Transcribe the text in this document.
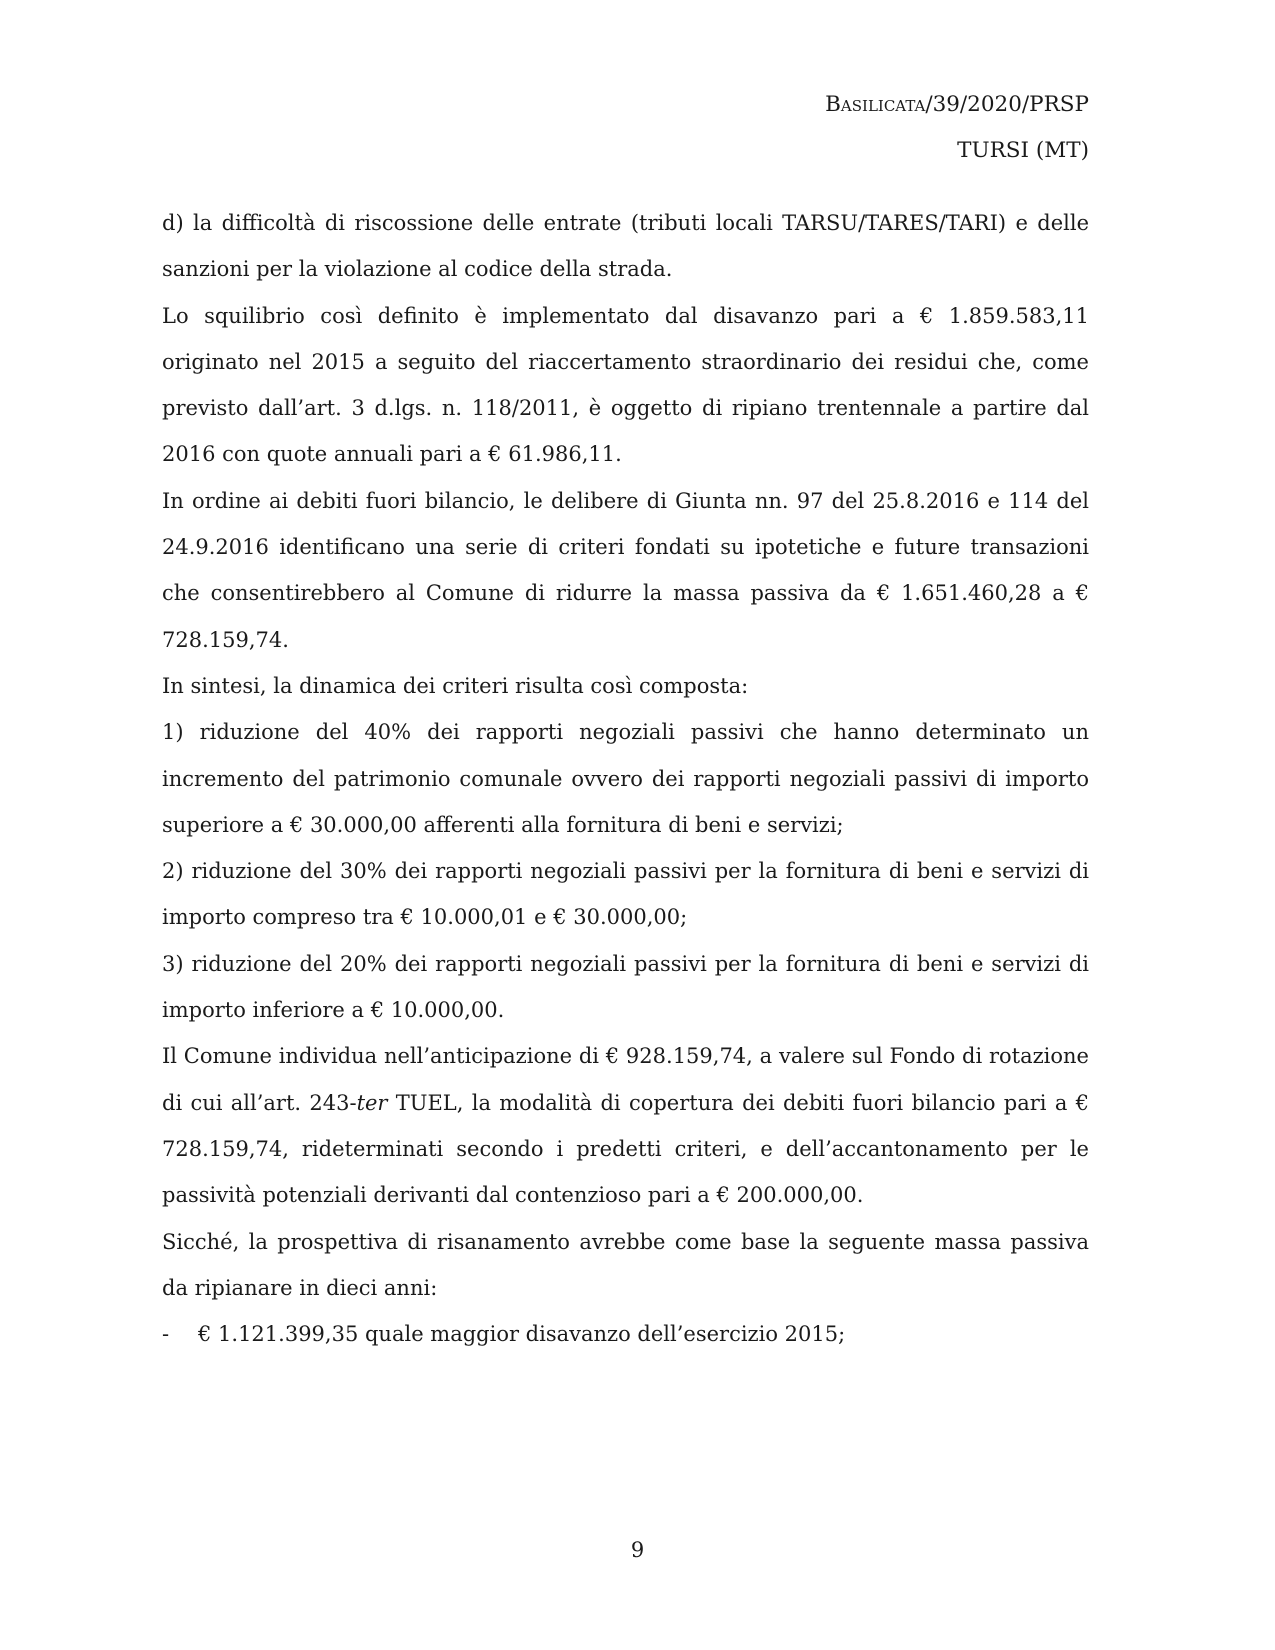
Basilicata/39/2020/PRSP
TURSI (MT)

d) la difficoltà di riscossione delle entrate (tributi locali TARSU/TARES/TARI) e delle sanzioni per la violazione al codice della strada.

Lo squilibrio così definito è implementato dal disavanzo pari a € 1.859.583,11 originato nel 2015 a seguito del riaccertamento straordinario dei residui che, come previsto dall’art. 3 d.lgs. n. 118/2011, è oggetto di ripiano trentennale a partire dal 2016 con quote annuali pari a € 61.986,11.

In ordine ai debiti fuori bilancio, le delibere di Giunta nn. 97 del 25.8.2016 e 114 del 24.9.2016 identificano una serie di criteri fondati su ipotetiche e future transazioni che consentirebbero al Comune di ridurre la massa passiva da € 1.651.460,28 a € 728.159,74.

In sintesi, la dinamica dei criteri risulta così composta:

1) riduzione del 40% dei rapporti negoziali passivi che hanno determinato un incremento del patrimonio comunale ovvero dei rapporti negoziali passivi di importo superiore a € 30.000,00 afferenti alla fornitura di beni e servizi;

2) riduzione del 30% dei rapporti negoziali passivi per la fornitura di beni e servizi di importo compreso tra € 10.000,01 e € 30.000,00;

3) riduzione del 20% dei rapporti negoziali passivi per la fornitura di beni e servizi di importo inferiore a € 10.000,00.

Il Comune individua nell’anticipazione di € 928.159,74, a valere sul Fondo di rotazione di cui all’art. 243-ter TUEL, la modalità di copertura dei debiti fuori bilancio pari a € 728.159,74, rideterminati secondo i predetti criteri, e dell’accantonamento per le passività potenziali derivanti dal contenzioso pari a € 200.000,00.

Sicché, la prospettiva di risanamento avrebbe come base la seguente massa passiva da ripianare in dieci anni:

-	€ 1.121.399,35 quale maggior disavanzo dell’esercizio 2015;
9
